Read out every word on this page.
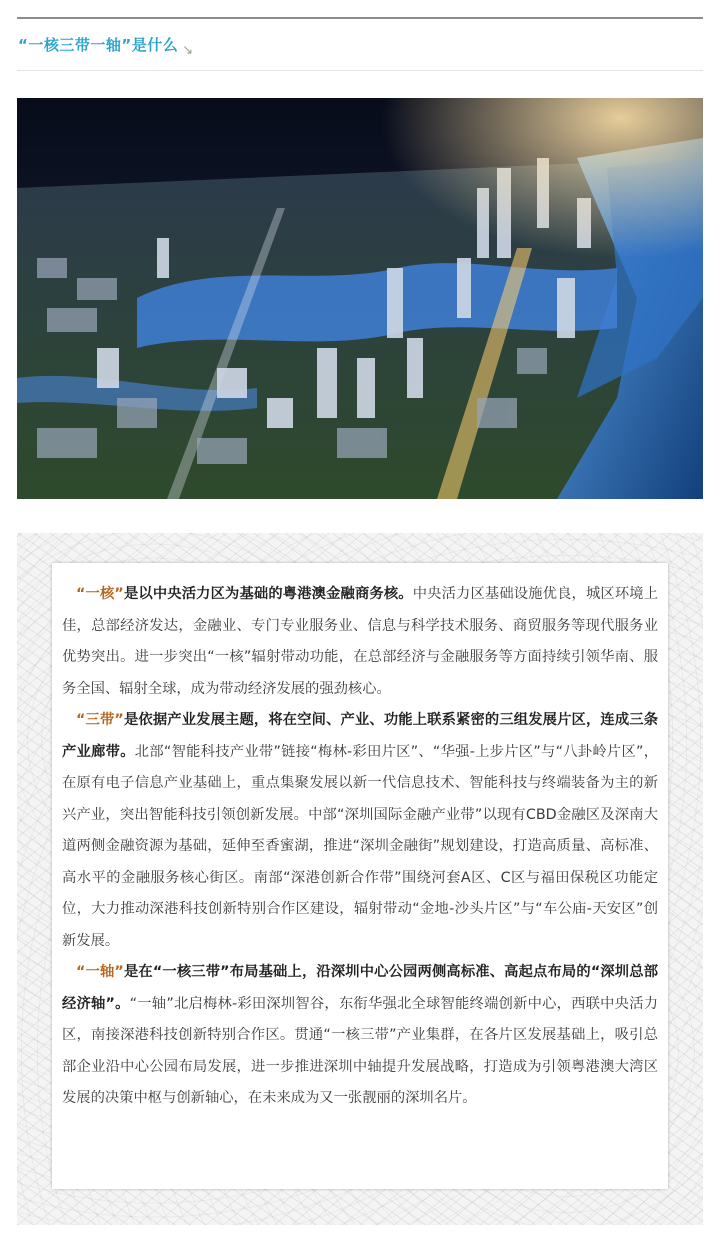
“一核三带一轴”是什么 ↘

“一核”是以中央活力区为基础的粤港澳金融商务核。中央活力区基础设施优良，城区环境上佳，总部经济发达，金融业、专门专业服务业、信息与科学技术服务、商贸服务等现代服务业优势突出。进一步突出“一核”辐射带动功能，在总部经济与金融服务等方面持续引领华南、服务全国、辐射全球，成为带动经济发展的强劲核心。

“三带”是依据产业发展主题，将在空间、产业、功能上联系紧密的三组发展片区，连成三条产业廊带。北部“智能科技产业带”链接“梅林-彩田片区”、“华强-上步片区”与“八卦岭片区”，在原有电子信息产业基础上，重点集聚发展以新一代信息技术、智能科技与终端装备为主的新兴产业，突出智能科技引领创新发展。中部“深圳国际金融产业带”以现有CBD金融区及深南大道两侧金融资源为基础，延伸至香蜜湖，推进“深圳金融街”规划建设，打造高质量、高标准、高水平的金融服务核心街区。南部“深港创新合作带”围绕河套A区、C区与福田保税区功能定位，大力推动深港科技创新特别合作区建设，辐射带动“金地-沙头片区”与“车公庙-天安区”创新发展。

“一轴”是在“一核三带”布局基础上，沿深圳中心公园两侧高标准、高起点布局的“深圳总部经济轴”。“一轴”北启梅林-彩田深圳智谷，东衔华强北全球智能终端创新中心，西联中央活力区，南接深港科技创新特别合作区。贯通“一核三带”产业集群，在各片区发展基础上，吸引总部企业沿中心公园布局发展，进一步推进深圳中轴提升发展战略，打造成为引领粤港澳大湾区发展的决策中枢与创新轴心，在未来成为又一张靓丽的深圳名片。
